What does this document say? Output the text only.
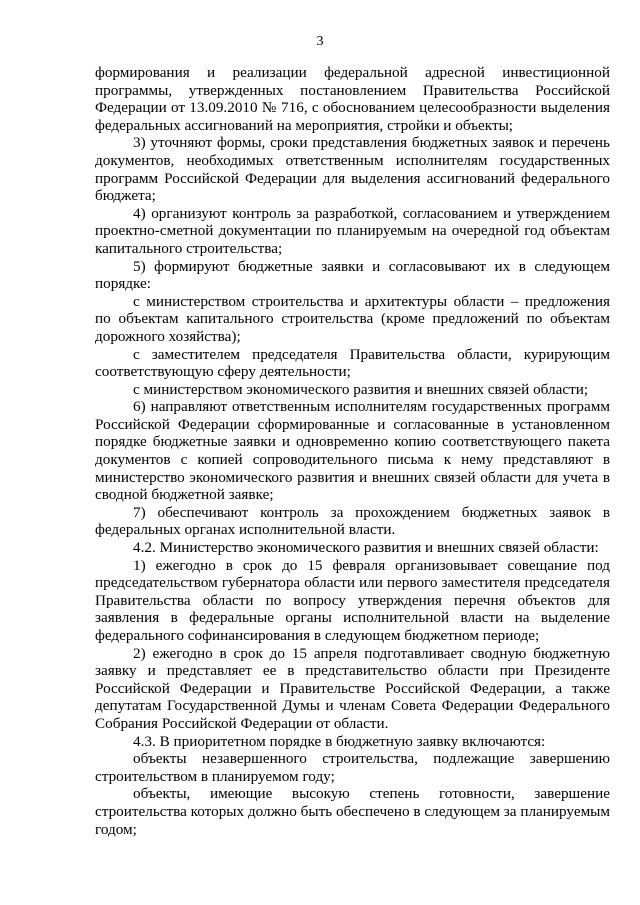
3

формирования и реализации федеральной адресной инвестиционной программы, утвержденных постановлением Правительства Российской Федерации от 13.09.2010 № 716, с обоснованием целесообразности выделения федеральных ассигнований на мероприятия, стройки и объекты;

3) уточняют формы, сроки представления бюджетных заявок и перечень документов, необходимых ответственным исполнителям государственных программ Российской Федерации для выделения ассигнований федерального бюджета;

4) организуют контроль за разработкой, согласованием и утверждением проектно-сметной документации по планируемым на очередной год объектам капитального строительства;

5) формируют бюджетные заявки и согласовывают их в следующем порядке:

с министерством строительства и архитектуры области – предложения по объектам капитального строительства (кроме предложений по объектам дорожного хозяйства);

с заместителем председателя Правительства области, курирующим соответствующую сферу деятельности;

с министерством экономического развития и внешних связей области;

6) направляют ответственным исполнителям государственных программ Российской Федерации сформированные и согласованные в установленном порядке бюджетные заявки и одновременно копию соответствующего пакета документов с копией сопроводительного письма к нему представляют в министерство экономического развития и внешних связей области для учета в сводной бюджетной заявке;

7) обеспечивают контроль за прохождением бюджетных заявок в федеральных органах исполнительной власти.

4.2. Министерство экономического развития и внешних связей области:

1) ежегодно в срок до 15 февраля организовывает совещание под председательством губернатора области или первого заместителя председателя Правительства области по вопросу утверждения перечня объектов для заявления в федеральные органы исполнительной власти на выделение федерального софинансирования в следующем бюджетном периоде;

2) ежегодно в срок до 15 апреля подготавливает сводную бюджетную заявку и представляет ее в представительство области при Президенте Российской Федерации и Правительстве Российской Федерации, а также депутатам Государственной Думы и членам Совета Федерации Федерального Собрания Российской Федерации от области.

4.3. В приоритетном порядке в бюджетную заявку включаются:

объекты незавершенного строительства, подлежащие завершению строительством в планируемом году;

объекты, имеющие высокую степень готовности, завершение строительства которых должно быть обеспечено в следующем за планируемым годом;
